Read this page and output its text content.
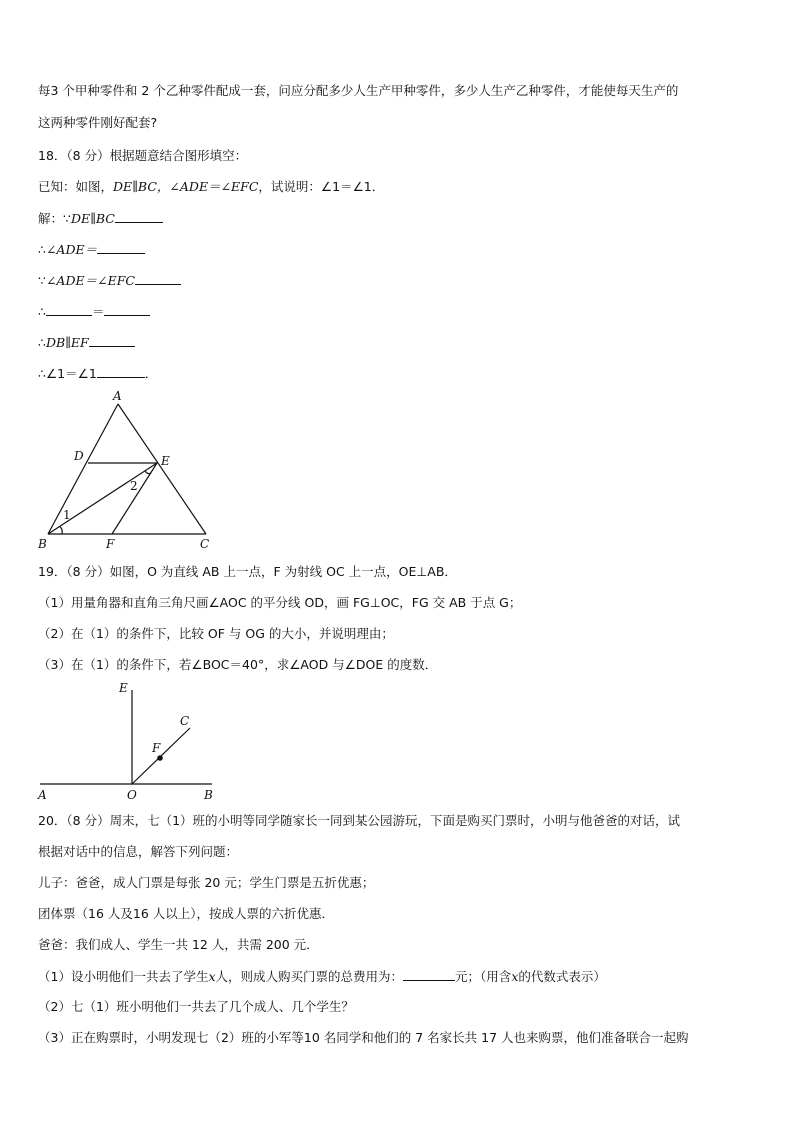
每3 个甲种零件和 2 个乙种零件配成一套，问应分配多少人生产甲种零件，多少人生产乙种零件，才能使每天生产的
这两种零件刚好配套?
18．（8 分）根据题意结合图形填空：
已知：如图，DE∥BC，∠ADE＝∠EFC，试说明：∠1＝∠1．
解：∵DE∥BC
∴∠ADE＝
∵∠ADE＝∠EFC
∴	＝
∴DB∥EF
∴∠1＝∠1	．
A
D	E
B	F	C
1
2
19．（8 分）如图，O 为直线 AB 上一点，F 为射线 OC 上一点，OE⊥AB．
（1）用量角器和直角三角尺画∠AOC 的平分线 OD，画 FG⊥OC，FG 交 AB 于点 G；
（2）在（1）的条件下，比较 OF 与 OG 的大小，并说明理由；
（3）在（1）的条件下，若∠BOC＝40°，求∠AOD 与∠DOE 的度数．
E
C
F
A	O	B
20．（8 分）周末，七（1）班的小明等同学随家长一同到某公园游玩，下面是购买门票时，小明与他爸爸的对话，试
根据对话中的信息，解答下列问题：
儿子：爸爸，成人门票是每张 20 元；学生门票是五折优惠；
团体票（16 人及16 人以上），按成人票的六折优惠．
爸爸：我们成人、学生一共 12 人，共需 200 元．
（1）设小明他们一共去了学生x人，则成人购买门票的总费用为：	元；（用含x的代数式表示）
（2）七（1）班小明他们一共去了几个成人、几个学生？
（3）正在购票时，小明发现七（2）班的小军等10 名同学和他们的 7 名家长共 17 人也来购票，他们准备联合一起购
